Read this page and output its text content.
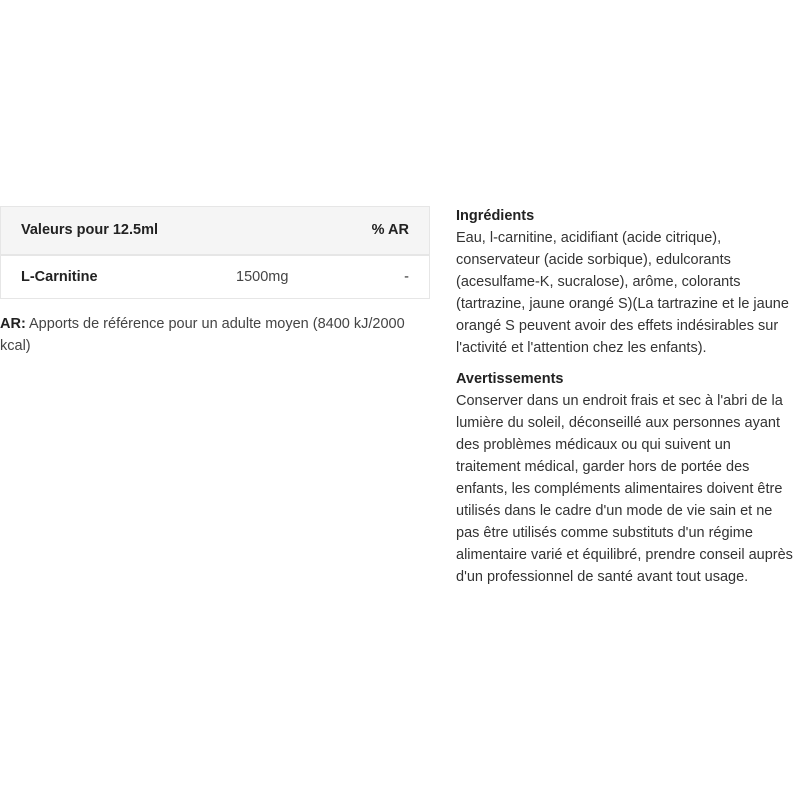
Valeurs pour 12.5ml		% AR
L-Carnitine	1500mg	-
AR: Apports de référence pour un adulte moyen (8400 kJ/2000 kcal)
Ingrédients

Eau, l-carnitine, acidifiant (acide citrique), conservateur (acide sorbique), edulcorants (acesulfame-K, sucralose), arôme, colorants (tartrazine, jaune orangé S)(La tartrazine et le jaune orangé S peuvent avoir des effets indésirables sur l'activité et l'attention chez les enfants).

Avertissements

Conserver dans un endroit frais et sec à l'abri de la lumière du soleil, déconseillé aux personnes ayant des problèmes médicaux ou qui suivent un traitement médical, garder hors de portée des enfants, les compléments alimentaires doivent être utilisés dans le cadre d'un mode de vie sain et ne pas être utilisés comme substituts d'un régime alimentaire varié et équilibré, prendre conseil auprès d'un professionnel de santé avant tout usage.
